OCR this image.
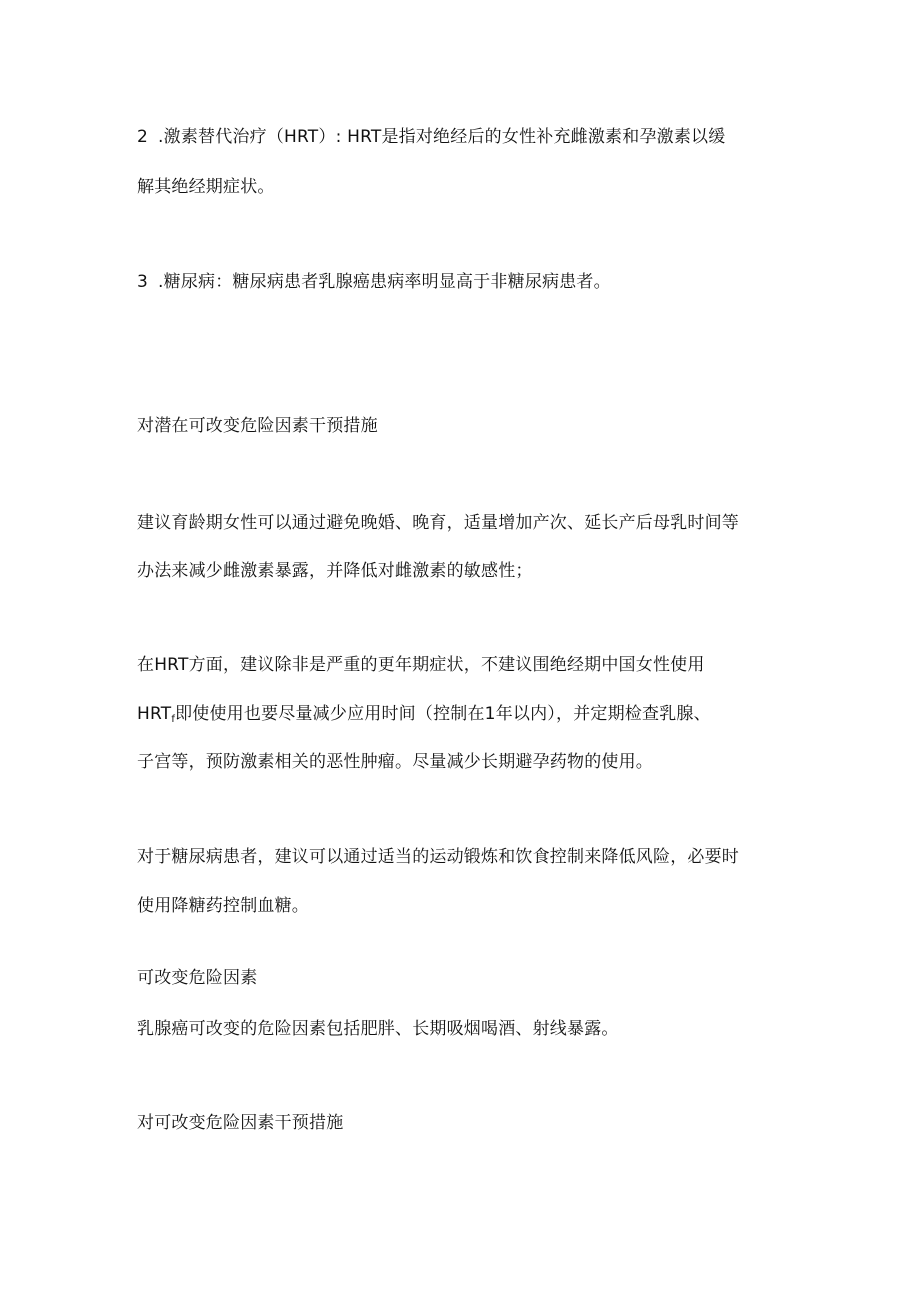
2 .激素替代治疗（HRT）: HRT是指对绝经后的女性补充雌激素和孕激素以缓
解其绝经期症状。
3 .糖尿病：糖尿病患者乳腺癌患病率明显高于非糖尿病患者。
对潜在可改变危险因素干预措施
建议育龄期女性可以通过避免晚婚、晚育，适量增加产次、延长产后母乳时间等
办法来减少雌激素暴露，并降低对雌激素的敏感性；
在HRT方面，建议除非是严重的更年期症状，不建议围绝经期中国女性使用
$HRT_f$即使使用也要尽量减少应用时间（控制在1年以内），并定期检查乳腺、
子宫等，预防激素相关的恶性肿瘤。尽量减少长期避孕药物的使用。
对于糖尿病患者，建议可以通过适当的运动锻炼和饮食控制来降低风险，必要时
使用降糖药控制血糖。
可改变危险因素
乳腺癌可改变的危险因素包括肥胖、长期吸烟喝酒、射线暴露。
对可改变危险因素干预措施
